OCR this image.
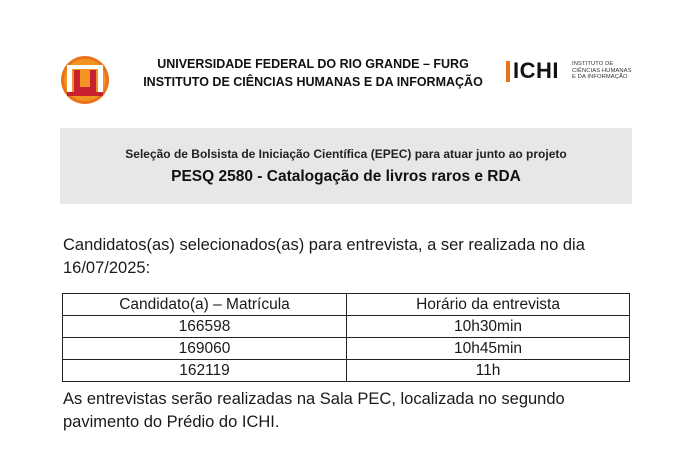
UNIVERSIDADE FEDERAL DO RIO GRANDE – FURG
INSTITUTO DE CIÊNCIAS HUMANAS E DA INFORMAÇÃO	ICHI INSTITUTO DE
CIÊNCIAS HUMANAS
E DA INFORMAÇÃO
Seleção de Bolsista de Iniciação Científica (EPEC) para atuar junto ao projeto
PESQ 2580 - Catalogação de livros raros e RDA
Candidatos(as) selecionados(as) para entrevista, a ser realizada no dia 16/07/2025:
Candidato(a) – Matrícula	Horário da entrevista
166598	10h30min
169060	10h45min
162119	11h
As entrevistas serão realizadas na Sala PEC, localizada no segundo pavimento do Prédio do ICHI.
